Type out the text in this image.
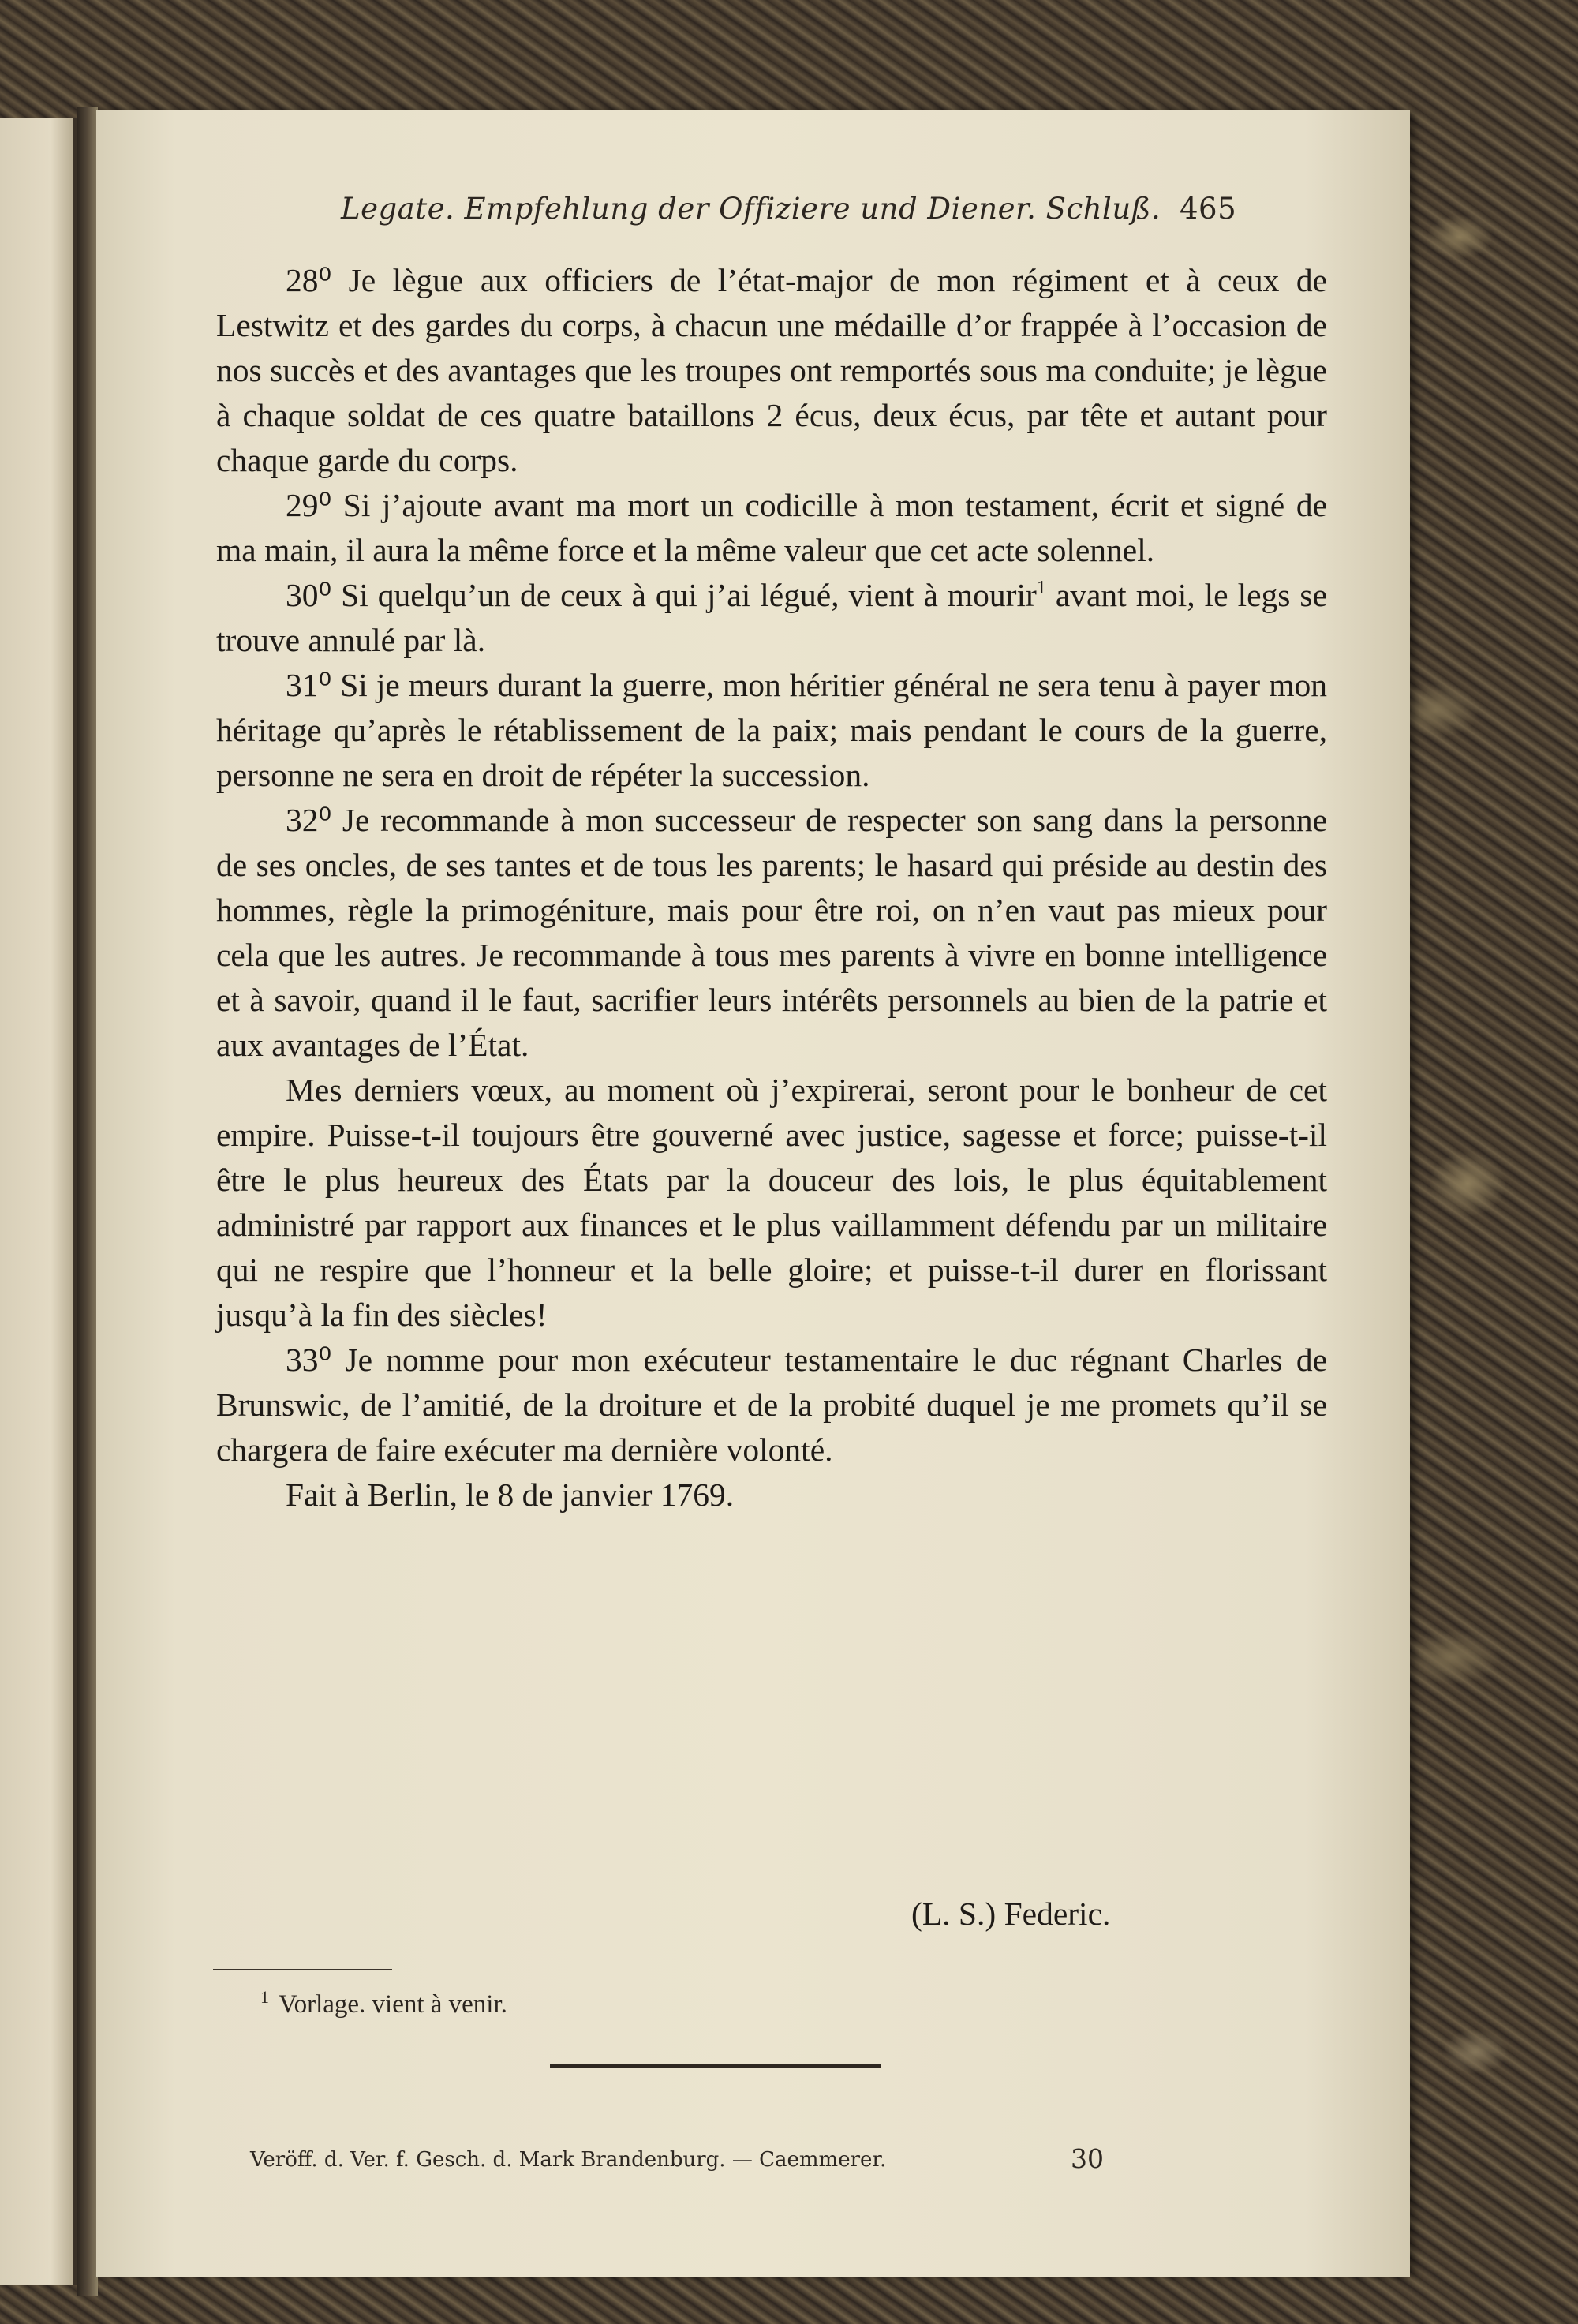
Legate. Empfehlung der Offiziere und Diener. Schluß. 465

28⁰ Je lègue aux officiers de l’état-major de mon régiment et à ceux de Lestwitz et des gardes du corps, à chacun une médaille d’or frappée à l’occasion de nos succès et des avantages que les troupes ont remportés sous ma conduite; je lègue à chaque soldat de ces quatre bataillons 2 écus, deux écus, par tête et autant pour chaque garde du corps.

29⁰ Si j’ajoute avant ma mort un codicille à mon testament, écrit et signé de ma main, il aura la même force et la même valeur que cet acte solennel.

30⁰ Si quelqu’un de ceux à qui j’ai légué, vient à mourir$^1$ avant moi, le legs se trouve annulé par là.

31⁰ Si je meurs durant la guerre, mon héritier général ne sera tenu à payer mon héritage qu’après le rétablissement de la paix; mais pendant le cours de la guerre, personne ne sera en droit de répéter la succession.

32⁰ Je recommande à mon successeur de respecter son sang dans la personne de ses oncles, de ses tantes et de tous les parents; le hasard qui préside au destin des hommes, règle la primogéniture, mais pour être roi, on n’en vaut pas mieux pour cela que les autres. Je recommande à tous mes parents à vivre en bonne intelligence et à savoir, quand il le faut, sacrifier leurs intérêts personnels au bien de la patrie et aux avantages de l’État.

Mes derniers vœux, au moment où j’expirerai, seront pour le bonheur de cet empire. Puisse-t-il toujours être gouverné avec justice, sagesse et force; puisse-t-il être le plus heureux des États par la douceur des lois, le plus équitablement administré par rapport aux finances et le plus vaillamment défendu par un militaire qui ne respire que l’honneur et la belle gloire; et puisse-t-il durer en florissant jusqu’à la fin des siècles!

33⁰ Je nomme pour mon exécuteur testamentaire le duc régnant Charles de Brunswic, de l’amitié, de la droiture et de la probité duquel je me promets qu’il se chargera de faire exécuter ma dernière volonté.

Fait à Berlin, le 8 de janvier 1769.

(L. S.) Federic.
$^1$ Vorlage. vient à venir.
Veröff. d. Ver. f. Gesch. d. Mark Brandenburg. — Caemmerer.	30
